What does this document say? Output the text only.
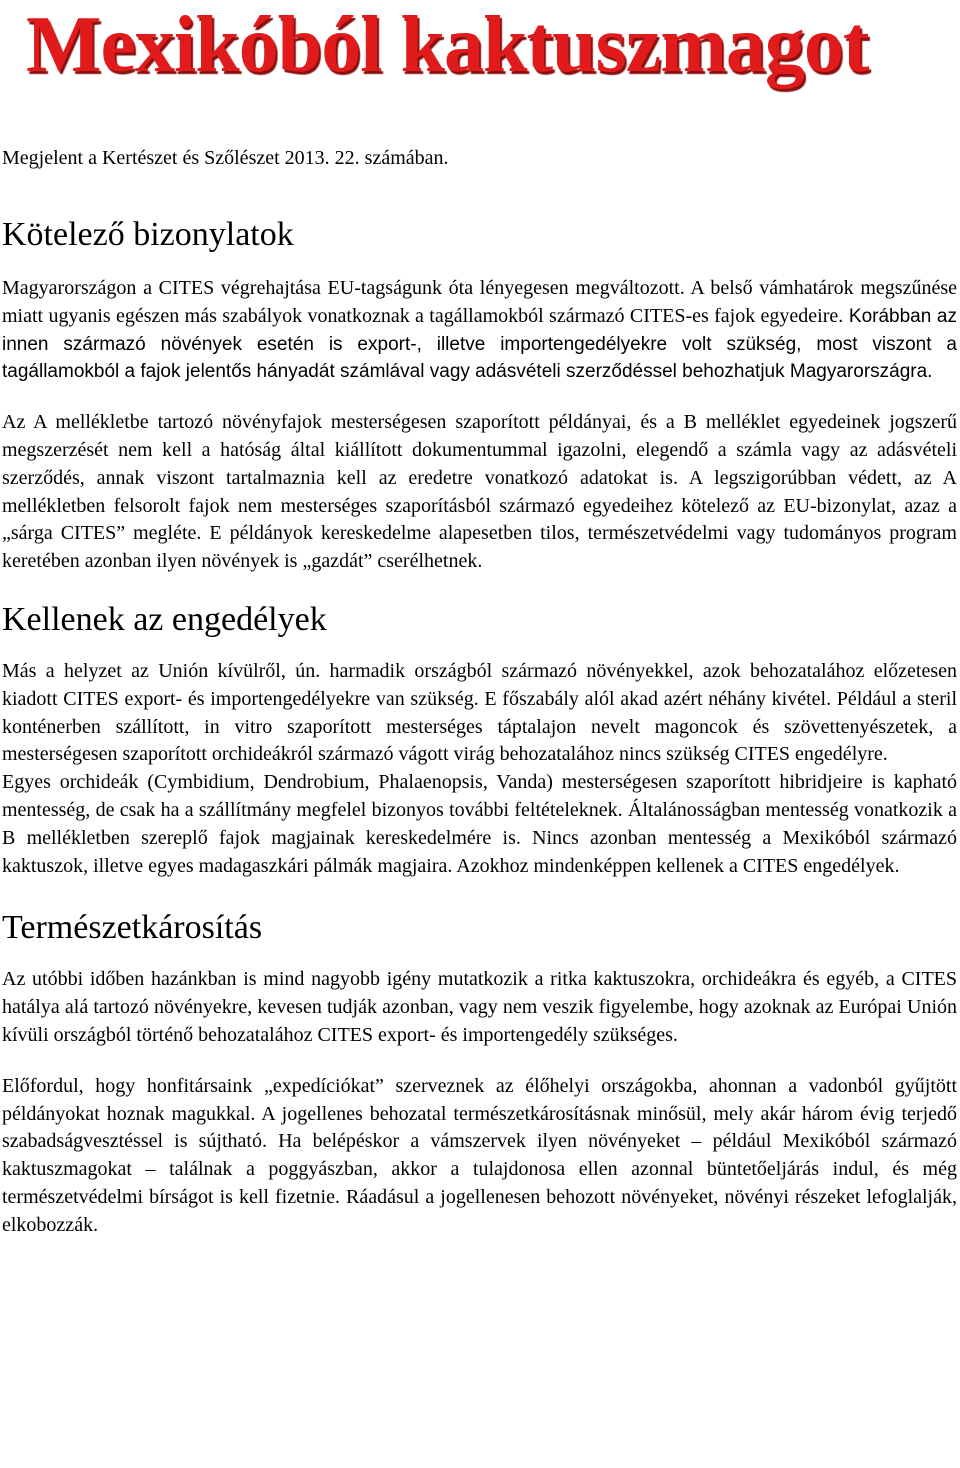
Mexikóból kaktuszmagot

Megjelent a Kertészet és Szőlészet 2013. 22. számában.

Kötelező bizonylatok

Magyarországon a CITES végrehajtása EU-tagságunk óta lényegesen megváltozott. A belső vámhatárok megszűnése miatt ugyanis egészen más szabályok vonatkoznak a tagállamokból származó CITES-es fajok egyedeire. Korábban az innen származó növények esetén is export-, illetve importengedélyekre volt szükség, most viszont a tagállamokból a fajok jelentős hányadát számlával vagy adásvételi szerződéssel behozhatjuk Magyarországra.

Az A mellékletbe tartozó növényfajok mesterségesen szaporított példányai, és a B melléklet egyedeinek jogszerű megszerzését nem kell a hatóság által kiállított dokumentummal igazolni, elegendő a számla vagy az adásvételi szerződés, annak viszont tartalmaznia kell az eredetre vonatkozó adatokat is. A legszigorúbban védett, az A mellékletben felsorolt fajok nem mesterséges szaporításból származó egyedeihez kötelező az EU-bizonylat, azaz a „sárga CITES” megléte. E példányok kereskedelme alapesetben tilos, természetvédelmi vagy tudományos program keretében azonban ilyen növények is „gazdát” cserélhetnek.

Kellenek az engedélyek

Más a helyzet az Unión kívülről, ún. harmadik országból származó növényekkel, azok behozatalához előzetesen kiadott CITES export- és importengedélyekre van szükség. E főszabály alól akad azért néhány kivétel. Például a steril konténerben szállított, in vitro szaporított mesterséges táptalajon nevelt magoncok és szövettenyészetek, a mesterségesen szaporított orchideákról származó vágott virág behozatalához nincs szükség CITES engedélyre.

Egyes orchideák (Cymbidium, Dendrobium, Phalaenopsis, Vanda) mesterségesen szaporított hibridjeire is kapható mentesség, de csak ha a szállítmány megfelel bizonyos további feltételeknek. Általánosságban mentesség vonatkozik a B mellékletben szereplő fajok magjainak kereskedelmére is. Nincs azonban mentesség a Mexikóból származó kaktuszok, illetve egyes madagaszkári pálmák magjaira. Azokhoz mindenképpen kellenek a CITES engedélyek.

Természetkárosítás

Az utóbbi időben hazánkban is mind nagyobb igény mutatkozik a ritka kaktuszokra, orchideákra és egyéb, a CITES hatálya alá tartozó növényekre, kevesen tudják azonban, vagy nem veszik figyelembe, hogy azoknak az Európai Unión kívüli országból történő behozatalához CITES export- és importengedély szükséges.

Előfordul, hogy honfitársaink „expedíciókat” szerveznek az élőhelyi országokba, ahonnan a vadonból gyűjtött példányokat hoznak magukkal. A jogellenes behozatal természetkárosításnak minősül, mely akár három évig terjedő szabadságvesztéssel is sújtható. Ha belépéskor a vámszervek ilyen növényeket – például Mexikóból származó kaktuszmagokat – találnak a poggyászban, akkor a tulajdonosa ellen azonnal büntetőeljárás indul, és még természetvédelmi bírságot is kell fizetnie. Ráadásul a jogellenesen behozott növényeket, növényi részeket lefoglalják, elkobozzák.
